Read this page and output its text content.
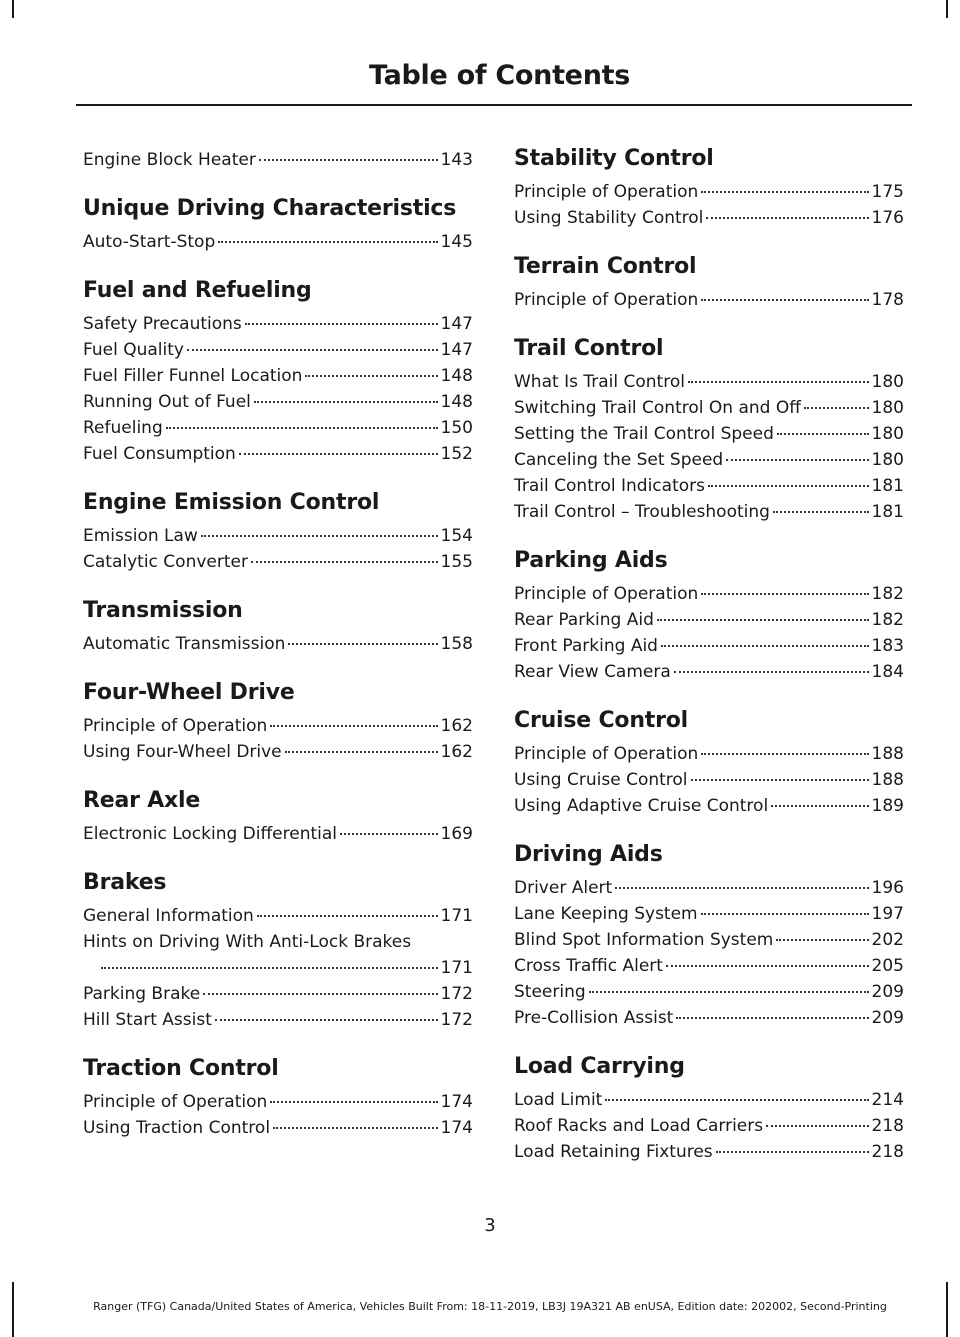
Table of Contents
Engine Block Heater	143
Unique Driving Characteristics
Auto-Start-Stop	145
Fuel and Refueling
Safety Precautions	147
Fuel Quality	147
Fuel Filler Funnel Location	148
Running Out of Fuel	148
Refueling	150
Fuel Consumption	152
Engine Emission Control
Emission Law	154
Catalytic Converter	155
Transmission
Automatic Transmission	158
Four-Wheel Drive
Principle of Operation	162
Using Four-Wheel Drive	162
Rear Axle
Electronic Locking Differential	169
Brakes
General Information	171
Hints on Driving With Anti-Lock Brakes
171
Parking Brake	172
Hill Start Assist	172
Traction Control
Principle of Operation	174
Using Traction Control	174
Stability Control
Principle of Operation	175
Using Stability Control	176
Terrain Control
Principle of Operation	178
Trail Control
What Is Trail Control	180
Switching Trail Control On and Off	180
Setting the Trail Control Speed	180
Canceling the Set Speed	180
Trail Control Indicators	181
Trail Control – Troubleshooting	181
Parking Aids
Principle of Operation	182
Rear Parking Aid	182
Front Parking Aid	183
Rear View Camera	184
Cruise Control
Principle of Operation	188
Using Cruise Control	188
Using Adaptive Cruise Control	189
Driving Aids
Driver Alert	196
Lane Keeping System	197
Blind Spot Information System	202
Cross Traffic Alert	205
Steering	209
Pre-Collision Assist	209
Load Carrying
Load Limit	214
Roof Racks and Load Carriers	218
Load Retaining Fixtures	218
3
Ranger (TFG) Canada/United States of America, Vehicles Built From: 18-11-2019, LB3J 19A321 AB enUSA, Edition date: 202002, Second-Printing
